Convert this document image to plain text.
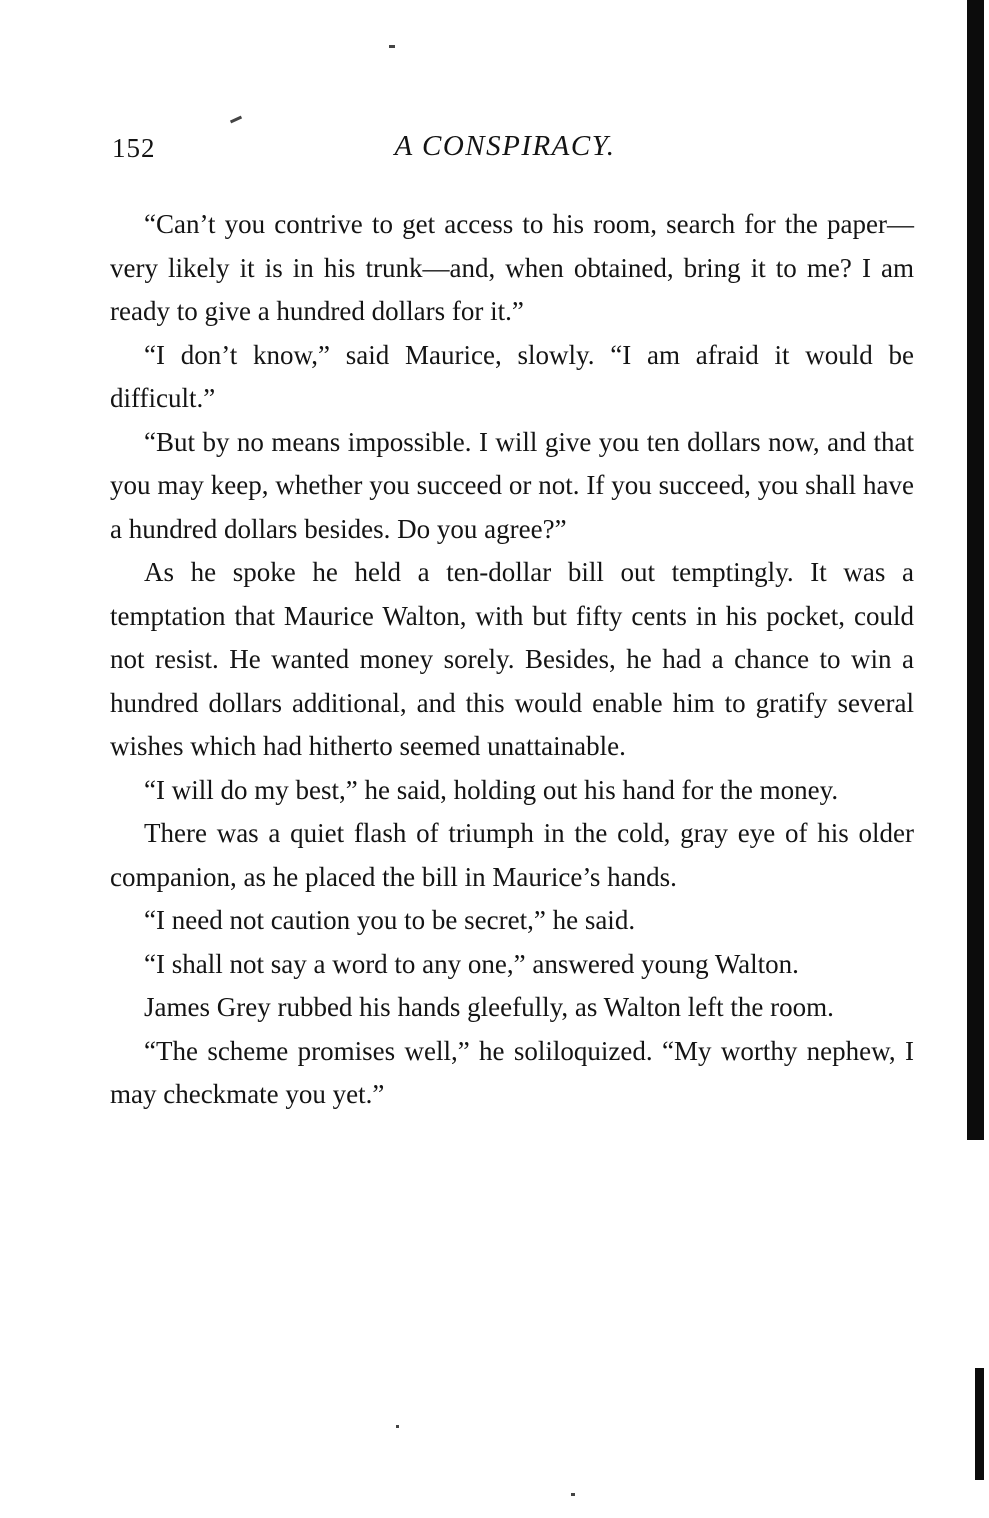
152	A CONSPIRACY.

“Can’t you contrive to get access to his room, search for the paper—very likely it is in his trunk—and, when obtained, bring it to me? I am ready to give a hundred dollars for it.”

“I don’t know,” said Maurice, slowly. “I am afraid it would be difficult.”

“But by no means impossible. I will give you ten dollars now, and that you may keep, whether you succeed or not. If you succeed, you shall have a hundred dollars besides. Do you agree?”

As he spoke he held a ten-dollar bill out temptingly. It was a temptation that Maurice Walton, with but fifty cents in his pocket, could not resist. He wanted money sorely. Besides, he had a chance to win a hundred dollars additional, and this would enable him to gratify several wishes which had hitherto seemed unattainable.

“I will do my best,” he said, holding out his hand for the money.

There was a quiet flash of triumph in the cold, gray eye of his older companion, as he placed the bill in Maurice’s hands.

“I need not caution you to be secret,” he said.

“I shall not say a word to any one,” answered young Walton.

James Grey rubbed his hands gleefully, as Walton left the room.

“The scheme promises well,” he soliloquized. “My worthy nephew, I may checkmate you yet.”
